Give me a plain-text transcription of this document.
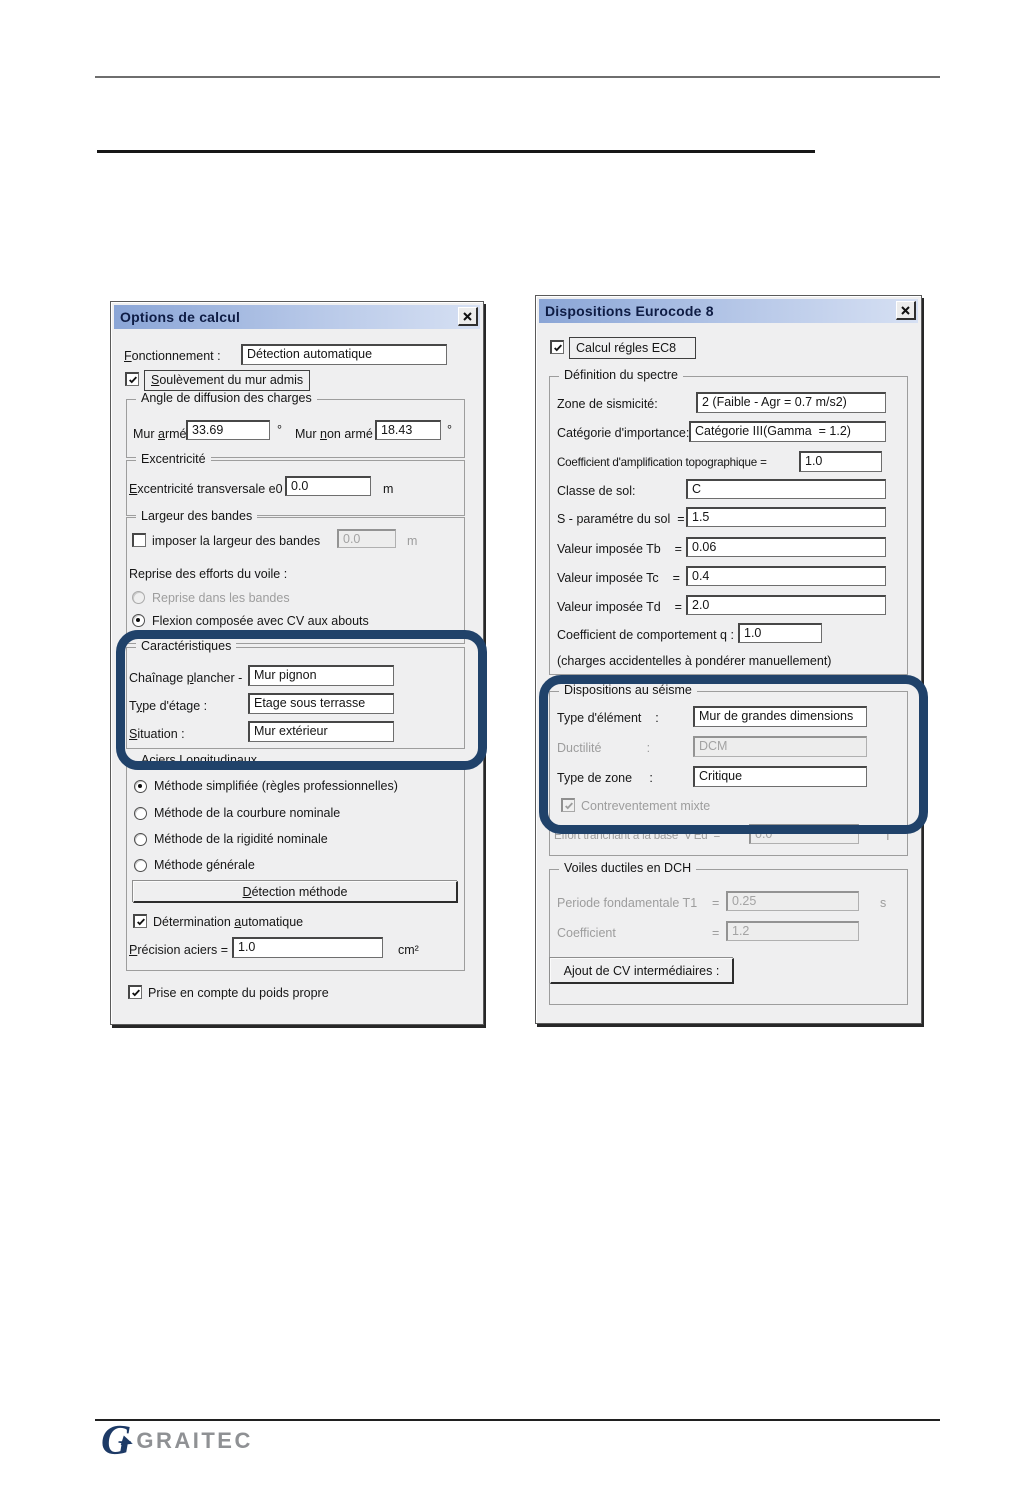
Options de calcul
Fonctionnement :	Détection automatique
Soulèvement du mur admis
Angle de diffusion des charges
Mur armé 33.69	° Mur non armé 18.43	°
Excentricité
Excentricité transversale e0 0.0	m
Largeur des bandes
imposer la largeur des bandes	0.0	m
Reprise des efforts du voile :
Reprise dans les bandes
Flexion composée avec CV aux abouts
Caractéristiques
Chaînage plancher - Mur pignon
Type d'étage :	Etage sous terrasse
Situation :	Mur extérieur
Aciers Longitudinaux
Méthode simplifiée (règles professionnelles)
Méthode de la courbure nominale
Méthode de la rigidité nominale
Méthode générale
D étection méthode
Détermination automatique
Précision aciers = 1.0	cm²
Prise en compte du poids propre
Dispositions Eurocode 8
Calcul régles EC8
Définition du spectre
Zone de sismicité:	2 (Faible - Agr = 0.7 m/s2)
Catégorie d'importance: Catégorie III(Gamma  = 1.2)
Coefficient d'amplification topographique =	1.0
Classe de sol:	C
S - paramétre du sol  = 1.5
Valeur imposée Tb    = 0.06
Valeur imposée Tc    = 0.4
Valeur imposée Td    = 2.0
Coefficient de comportement q : 1.0
(charges accidentelles à pondérer manuellement)
Dispositions au séisme
Type d'élément    :	Mur de grandes dimensions
Ductilité             :	DCM
Type de zone     :	Critique
Contreventement mixte
Effort tranchant à la base  V'Ed  =	0.0	T
Voiles ductiles en DCH
Periode fondamentale T1 =	0.25	s
Coefficient	=	1.2
Ajout de CV intermédiaires :
G GRAITEC
